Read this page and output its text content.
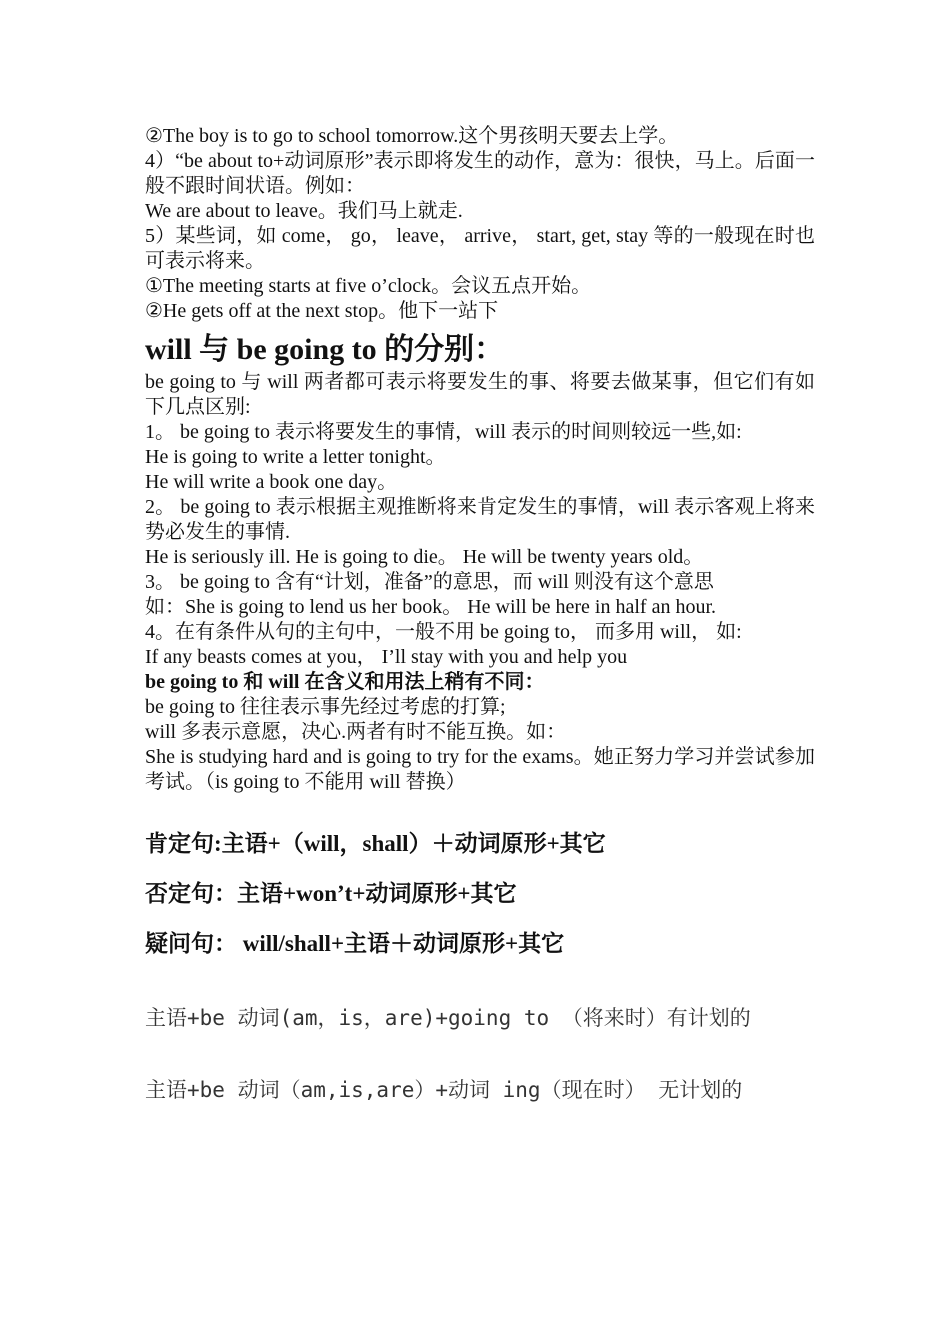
②The boy is to go to school tomorrow.这个男孩明天要去上学。

4）“be about to+动词原形”表示即将发生的动作，意为：很快，马上。后面一般不跟时间状语。例如：

We are about to leave。我们马上就走.

5）某些词，如 come， go， leave， arrive， start, get, stay 等的一般现在时也可表示将来。

①The meeting starts at five o’clock。会议五点开始。

②He gets off at the next stop。他下一站下

will 与 be going to 的分别：

be going to 与 will 两者都可表示将要发生的事、将要去做某事，但它们有如下几点区别:

1。 be going to 表示将要发生的事情，will 表示的时间则较远一些,如:

He is going to write a letter tonight。

He will write a book one day。

2。 be going to 表示根据主观推断将来肯定发生的事情，will 表示客观上将来势必发生的事情.

He is seriously ill. He is going to die。 He will be twenty years old。

3。 be going to 含有“计划，准备”的意思，而 will 则没有这个意思

如：She is going to lend us her book。 He will be here in half an hour.

4。在有条件从句的主句中，一般不用 be going to， 而多用 will， 如:

If any beasts comes at you， I’ll stay with you and help you

be going to 和 will 在含义和用法上稍有不同：

be going to 往往表示事先经过考虑的打算;

will 多表示意愿，决心.两者有时不能互换。如：

She is studying hard and is going to try for the exams。她正努力学习并尝试参加考试。（is going to 不能用 will 替换）

肯定句:主语+（will，shall）＋动词原形+其它

否定句：主语+won’t+动词原形+其它

疑问句： will/shall+主语＋动词原形+其它

主语+be 动词(am，is，are)+going to （将来时）有计划的

主语+be 动词（am,is,are）+动词 ing（现在时） 无计划的
